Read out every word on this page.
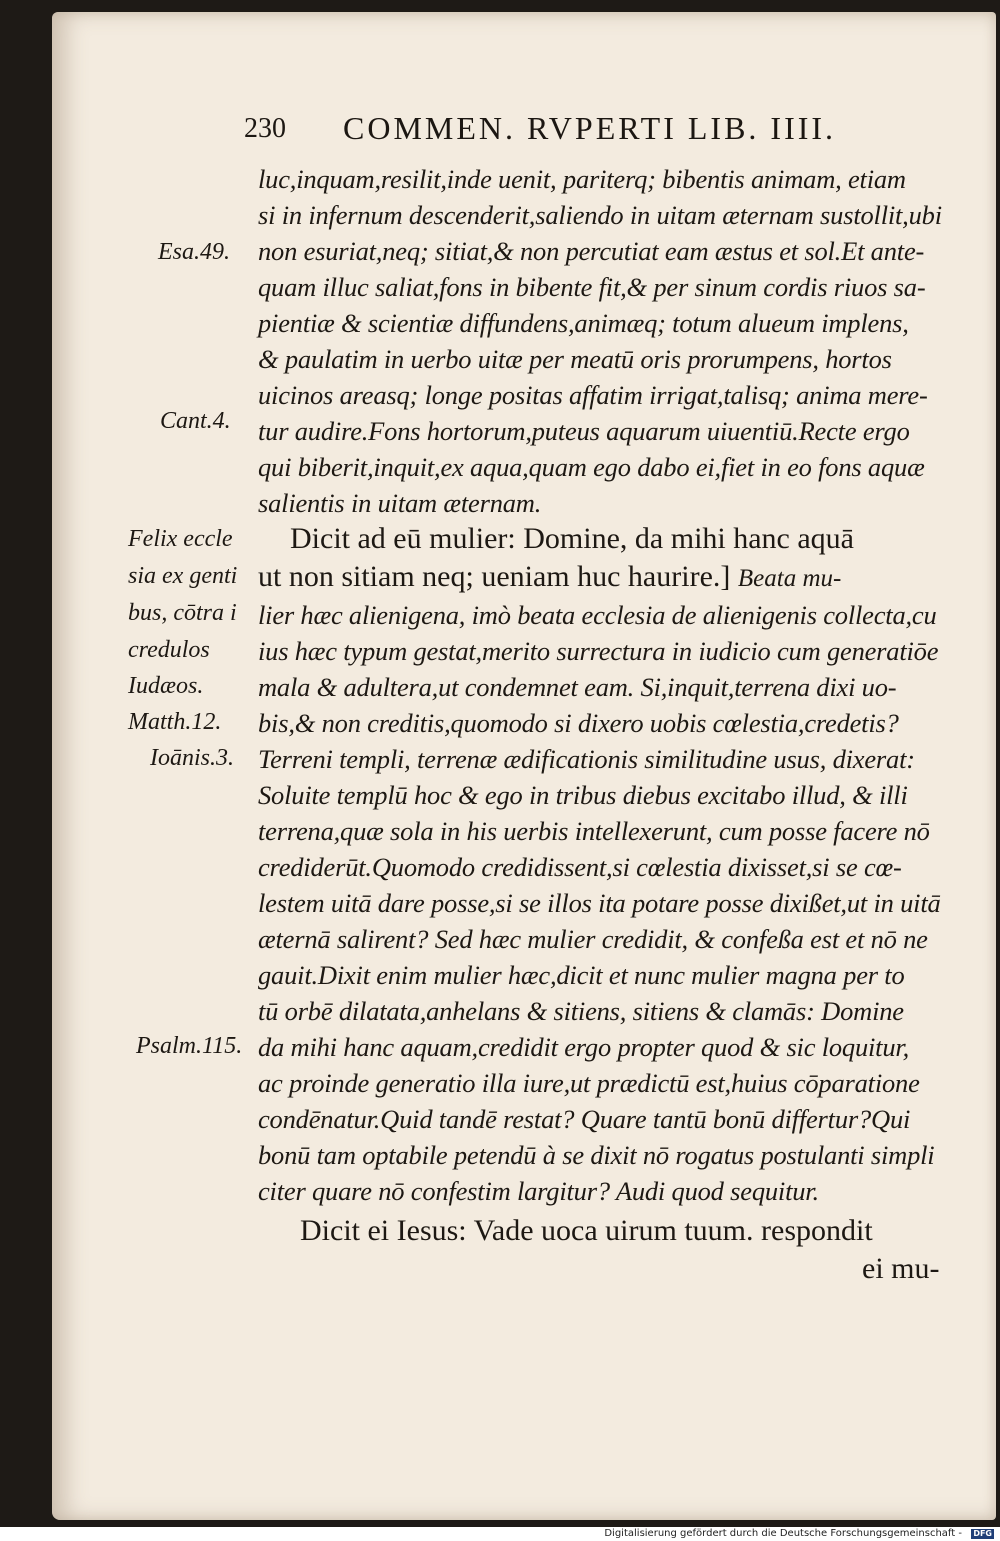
230 COMMEN. RVPERTI LIB. IIII.
luc,inquam,resilit,inde uenit, pariterq; bibentis animam, etiam
si in infernum descenderit,saliendo in uitam æternam sustollit,ubi
non esuriat,neq; sitiat,& non percutiat eam æstus et sol.Et ante-
quam illuc saliat,fons in bibente fit,& per sinum cordis riuos sa-
pientiæ & scientiæ diffundens,animæq; totum alueum implens,
& paulatim in uerbo uitæ per meatū oris prorumpens, hortos
uicinos areasq; longe positas affatim irrigat,talisq; anima mere-
tur audire.Fons hortorum,puteus aquarum uiuentiū.Recte ergo
qui biberit,inquit,ex aqua,quam ego dabo ei,fiet in eo fons aquæ
salientis in uitam æternam.
Dicit ad eū mulier: Domine, da mihi hanc aquā
ut non sitiam neq; ueniam huc haurire.] Beata mu-
lier hæc alienigena, imò beata ecclesia de alienigenis collecta,cu
ius hæc typum gestat,merito surrectura in iudicio cum generatiōe
mala & adultera,ut condemnet eam. Si,inquit,terrena dixi uo-
bis,& non creditis,quomodo si dixero uobis cœlestia,credetis?
Terreni templi, terrenæ ædificationis similitudine usus, dixerat:
Soluite templū hoc & ego in tribus diebus excitabo illud, & illi
terrena,quæ sola in his uerbis intellexerunt, cum posse facere nō
crediderūt.Quomodo credidissent,si cœlestia dixisset,si se cœ-
lestem uitā dare posse,si se illos ita potare posse dixißet,ut in uitā
æternā salirent? Sed hæc mulier credidit, & confeßa est et nō ne
gauit.Dixit enim mulier hæc,dicit et nunc mulier magna per to
tū orbē dilatata,anhelans & sitiens, sitiens & clamās: Domine
da mihi hanc aquam,credidit ergo propter quod & sic loquitur,
ac proinde generatio illa iure,ut prædictū est,huius cōparatione
condēnatur.Quid tandē restat? Quare tantū bonū differtur?Qui
bonū tam optabile petendū à se dixit nō rogatus postulanti simpli
citer quare nō confestim largitur? Audi quod sequitur.
Dicit ei Iesus: Vade uoca uirum tuum. respondit
ei mu-
Esa.49.
Cant.4.
Felix eccle
sia ex genti
bus, cōtra i
credulos
Iudæos.
Matth.12.
Ioānis.3.
Psalm.115.
Digitalisierung gefördert durch die Deutsche Forschungsgemeinschaft - DFG
